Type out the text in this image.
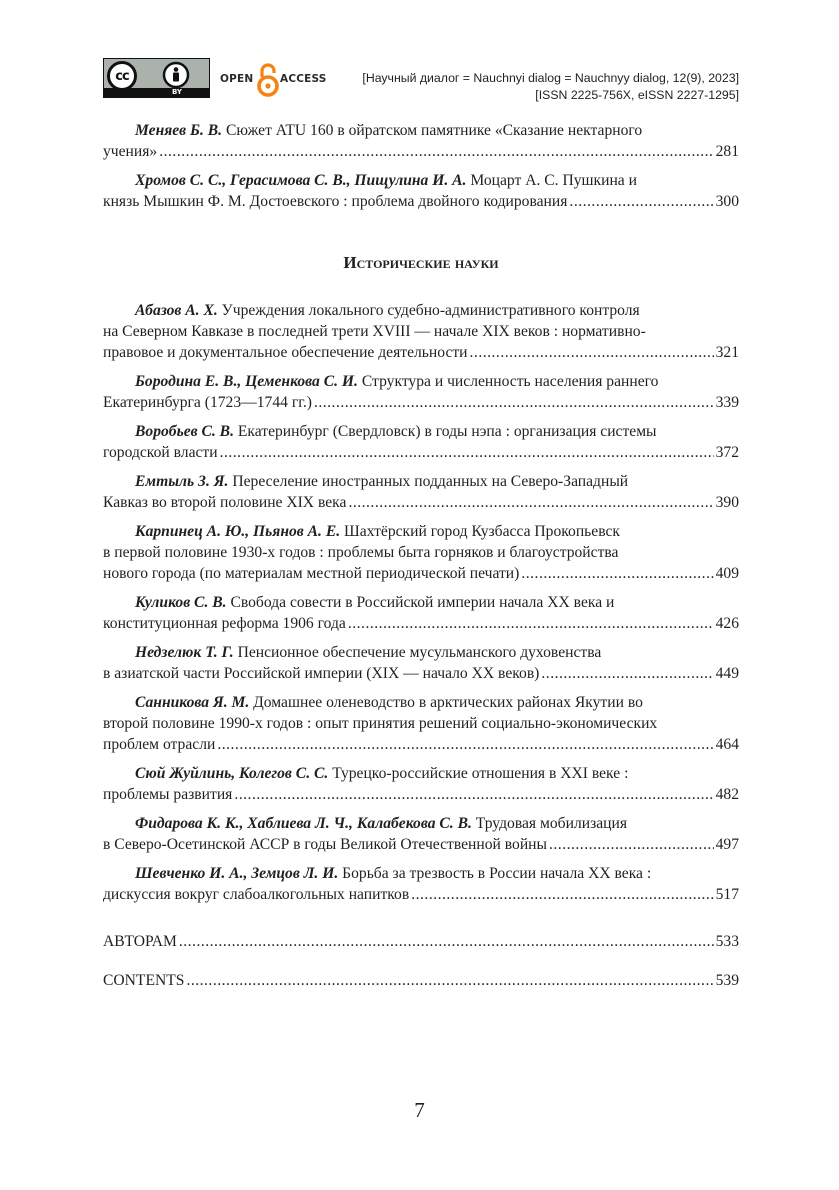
cc
BY
OPEN	ACCESS	[Научный диалог = Nauchnyi dialog = Nauchnyy dialog, 12(9), 2023]
[ISSN 2225-756X, eISSN 2227-1295]
Меняев Б. В. Сюжет ATU 160 в ойратском памятнике «Сказание нектарного
учения» .....	281
Хромов С. С., Герасимова С. В., Пищулина И. А. Моцарт А. С. Пушкина и
князь Мышкин Ф. М. Достоевского : проблема двойного кодирования .....	300
Исторические науки
Абазов А. Х. Учреждения локального судебно-административного контроля
на Северном Кавказе в последней трети XVIII — начале XIX веков : нормативно-
правовое и документальное обеспечение деятельности .....	321
Бородина Е. В., Цеменкова С. И. Структура и численность населения раннего
Екатеринбурга (1723—1744 гг.) .....	339
Воробьев С. В. Екатеринбург (Свердловск) в годы нэпа : организация системы
городской власти .....	372
Емтыль З. Я. Переселение иностранных подданных на Северо-Западный
Кавказ во второй половине XIX века .....	390
Карпинец А. Ю., Пьянов А. Е. Шахтёрский город Кузбасса Прокопьевск
в первой половине 1930-х годов : проблемы быта горняков и благоустройства
нового города (по материалам местной периодической печати) .....	409
Куликов С. В. Свобода совести в Российской империи начала XX века и
конституционная реформа 1906 года .....	426
Недзелюк Т. Г. Пенсионное обеспечение мусульманского духовенства
в азиатской части Российской империи (XIX — начало XX веков) .....	449
Санникова Я. М. Домашнее оленеводство в арктических районах Якутии во
второй половине 1990-х годов : опыт принятия решений социально-экономических
проблем отрасли .....	464
Сюй Жуйлинь, Колегов С. С. Турецко-российские отношения в XXI веке :
проблемы развития .....	482
Фидарова К. К., Хаблиева Л. Ч., Калабекова С. В. Трудовая мобилизация
в Северо-Осетинской АССР в годы Великой Отечественной войны .....	497
Шевченко И. А., Земцов Л. И. Борьба за трезвость в России начала XX века :
дискуссия вокруг слабоалкогольных напитков .....	517
АВТОРАМ .....	533
CONTENTS .....	539
7
